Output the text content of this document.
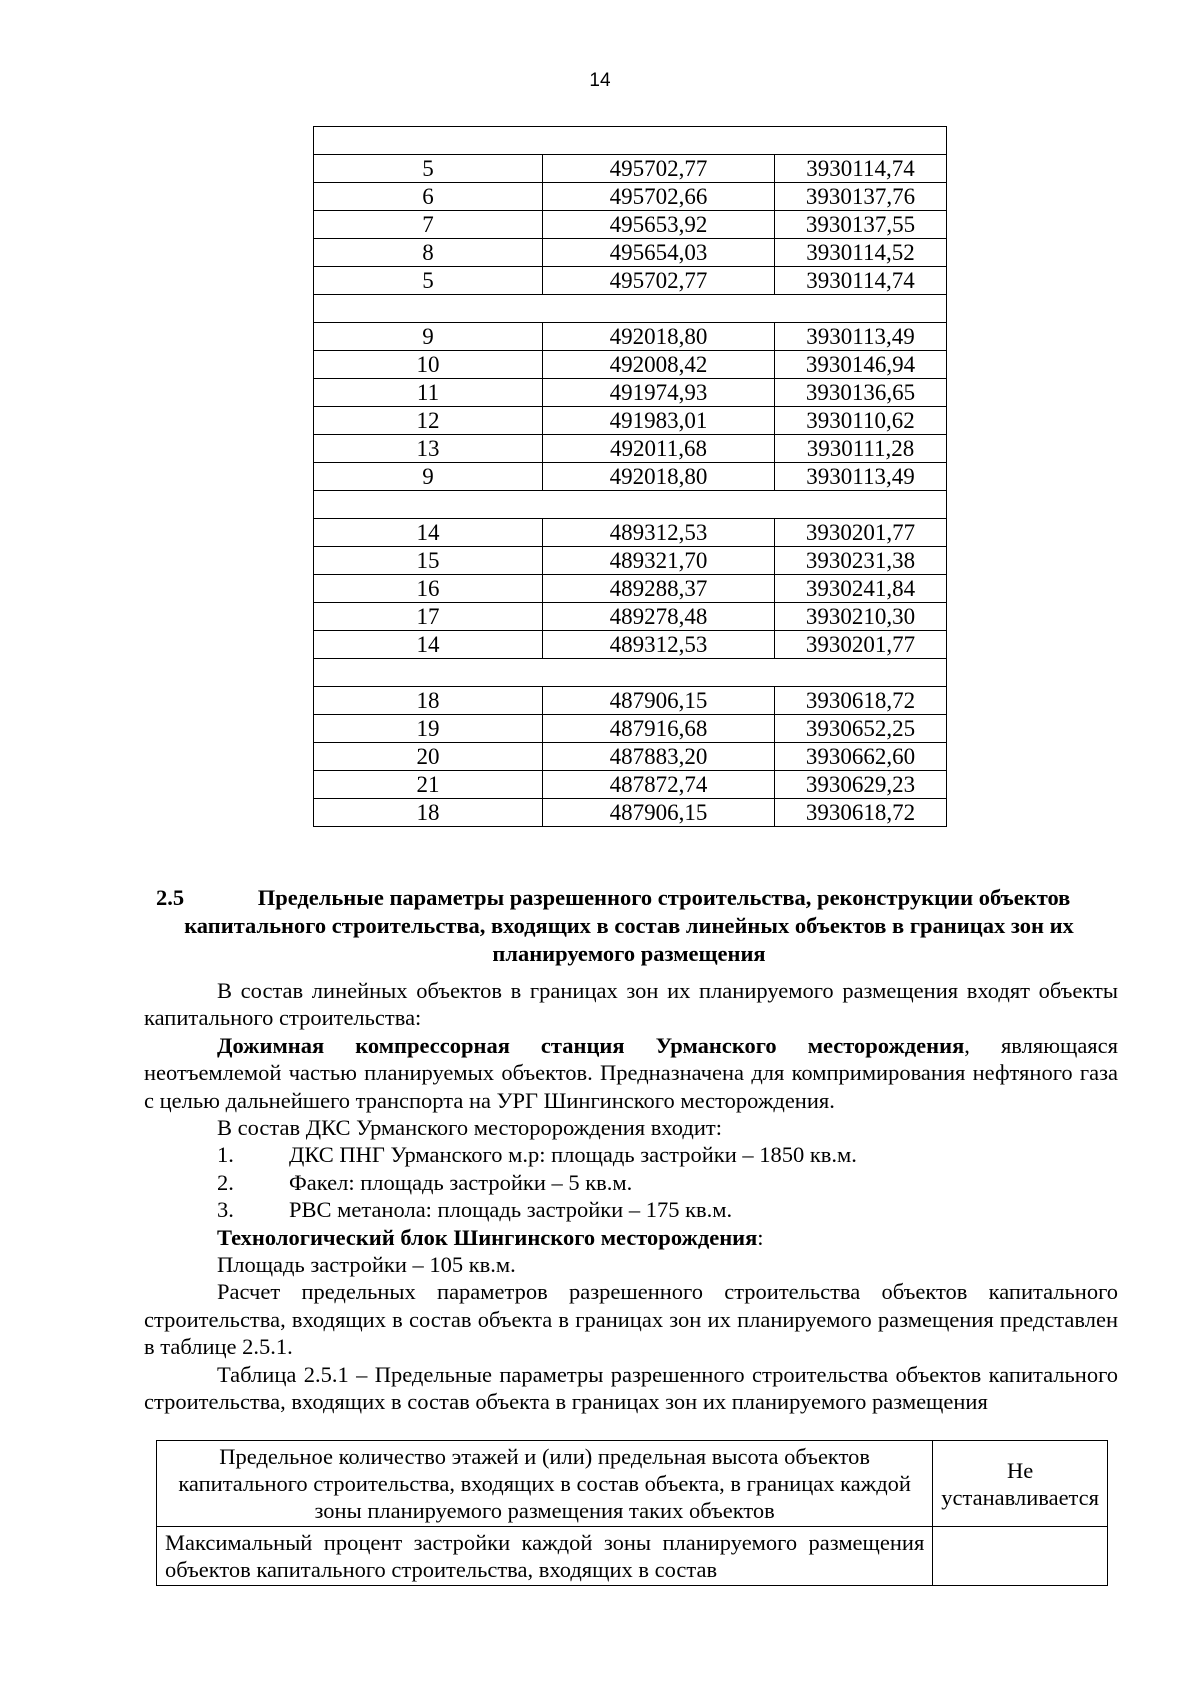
14

5	495702,77	3930114,74
6	495702,66	3930137,76
7	495653,92	3930137,55
8	495654,03	3930114,52
5	495702,77	3930114,74

9	492018,80	3930113,49
10	492008,42	3930146,94
11	491974,93	3930136,65
12	491983,01	3930110,62
13	492011,68	3930111,28
9	492018,80	3930113,49

14	489312,53	3930201,77
15	489321,70	3930231,38
16	489288,37	3930241,84
17	489278,48	3930210,30
14	489312,53	3930201,77

18	487906,15	3930618,72
19	487916,68	3930652,25
20	487883,20	3930662,60
21	487872,74	3930629,23
18	487906,15	3930618,72
2.5	Предельные параметры разрешенного строительства, реконструкции объектов
капитального строительства, входящих в состав линейных объектов в границах зон их
планируемого размещения

В состав линейных объектов в границах зон их планируемого размещения входят объекты капитального строительства:

Дожимная компрессорная станция Урманского месторождения, являющаяся неотъемлемой частью планируемых объектов. Предназначена для компримирования нефтяного газа с целью дальнейшего транспорта на УРГ Шингинского месторождения.

В состав ДКС Урманского месторорождения входит:

1. ДКС ПНГ Урманского м.р: площадь застройки – 1850 кв.м.
2. Факел: площадь застройки – 5 кв.м.
3. РВС метанола: площадь застройки – 175 кв.м.

Технологический блок Шингинского месторождения:

Площадь застройки – 105 кв.м.

Расчет предельных параметров разрешенного строительства объектов капитального строительства, входящих в состав объекта в границах зон их планируемого размещения представлен в таблице 2.5.1.

Таблица 2.5.1 – Предельные параметры разрешенного строительства объектов капитального строительства, входящих в состав объекта в границах зон их планируемого размещения

Предельное количество этажей и (или) предельная высота объектов капитального строительства, входящих в состав объекта, в границах каждой зоны планируемого размещения таких объектов	Не
устанавливается

Максимальный процент застройки каждой зоны планируемого размещения объектов капитального строительства, входящих в состав	
